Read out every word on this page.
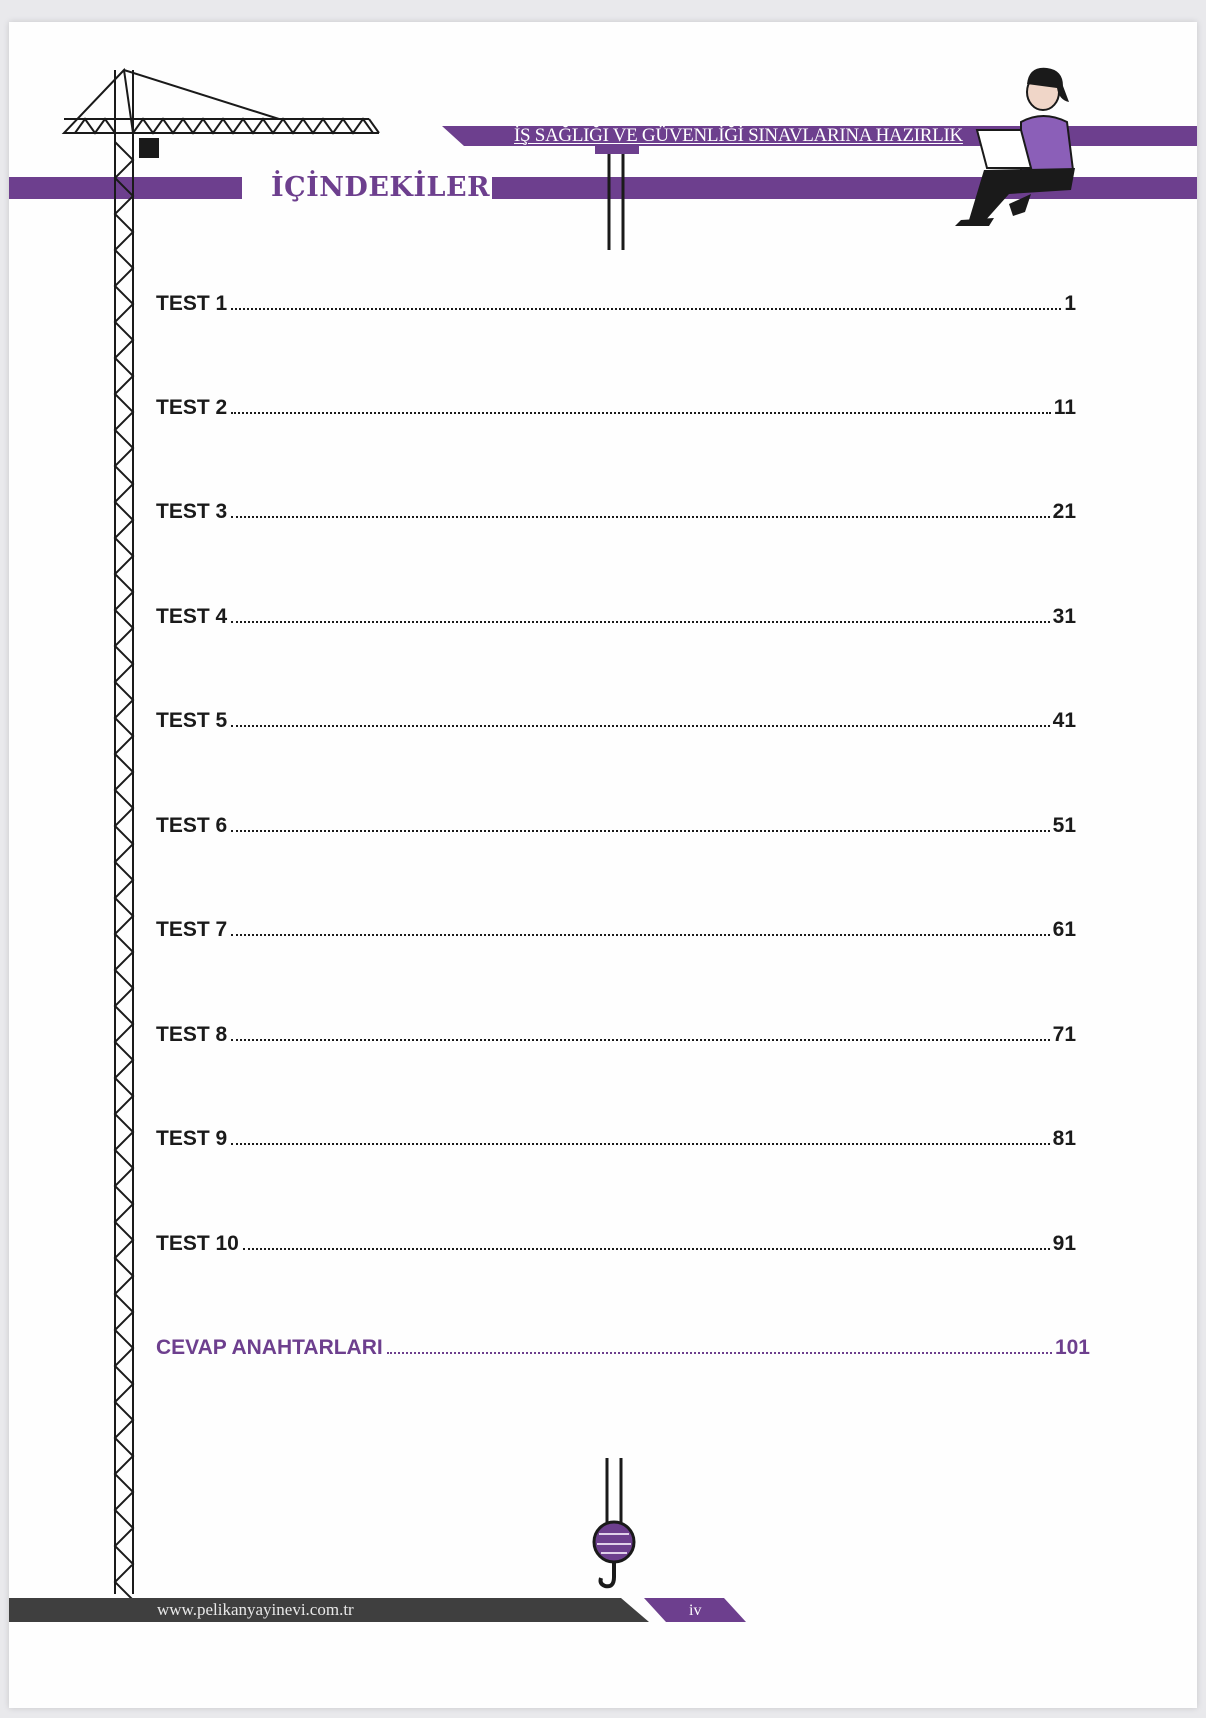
İŞ SAĞLIĞI VE GÜVENLİĞİ SINAVLARINA HAZIRLIK
İÇİNDEKİLER
TEST 1	1
TEST 2	11
TEST 3	21
TEST 4	31
TEST 5	41
TEST 6	51
TEST 7	61
TEST 8	71
TEST 9	81
TEST 10	91
CEVAP ANAHTARLARI	101
www.pelikanyayinevi.com.tr	iv
